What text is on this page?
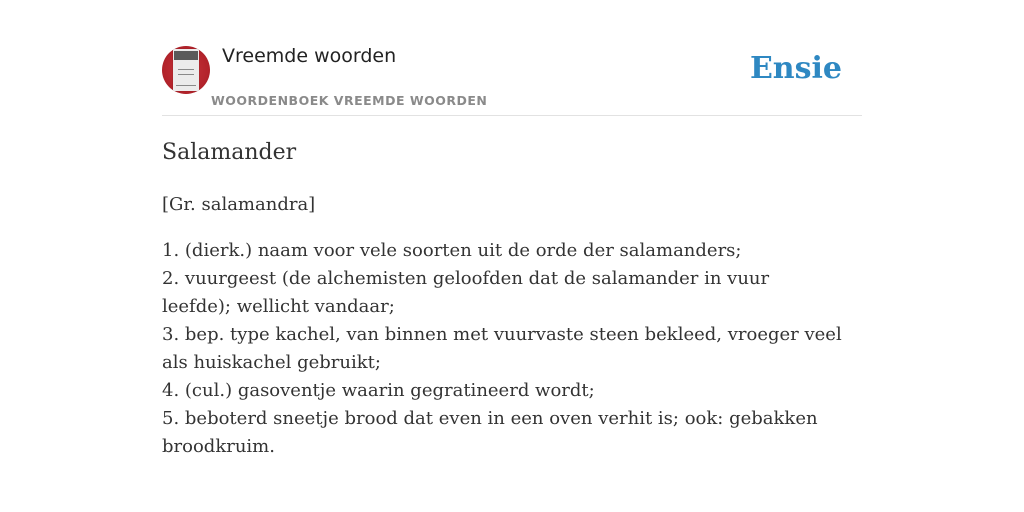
Vreemde woorden
WOORDENBOEK VREEMDE WOORDEN
Ensie
Salamander
[Gr. salamandra]
1. (dierk.) naam voor vele soorten uit de orde der salamanders;
2. vuurgeest (de alchemisten geloofden dat de salamander in vuur leefde); wellicht vandaar;
3. bep. type kachel, van binnen met vuurvaste steen bekleed, vroeger veel als huiskachel gebruikt;
4. (cul.) gasoventje waarin gegratineerd wordt;
5. beboterd sneetje brood dat even in een oven verhit is; ook: gebakken broodkruim.
